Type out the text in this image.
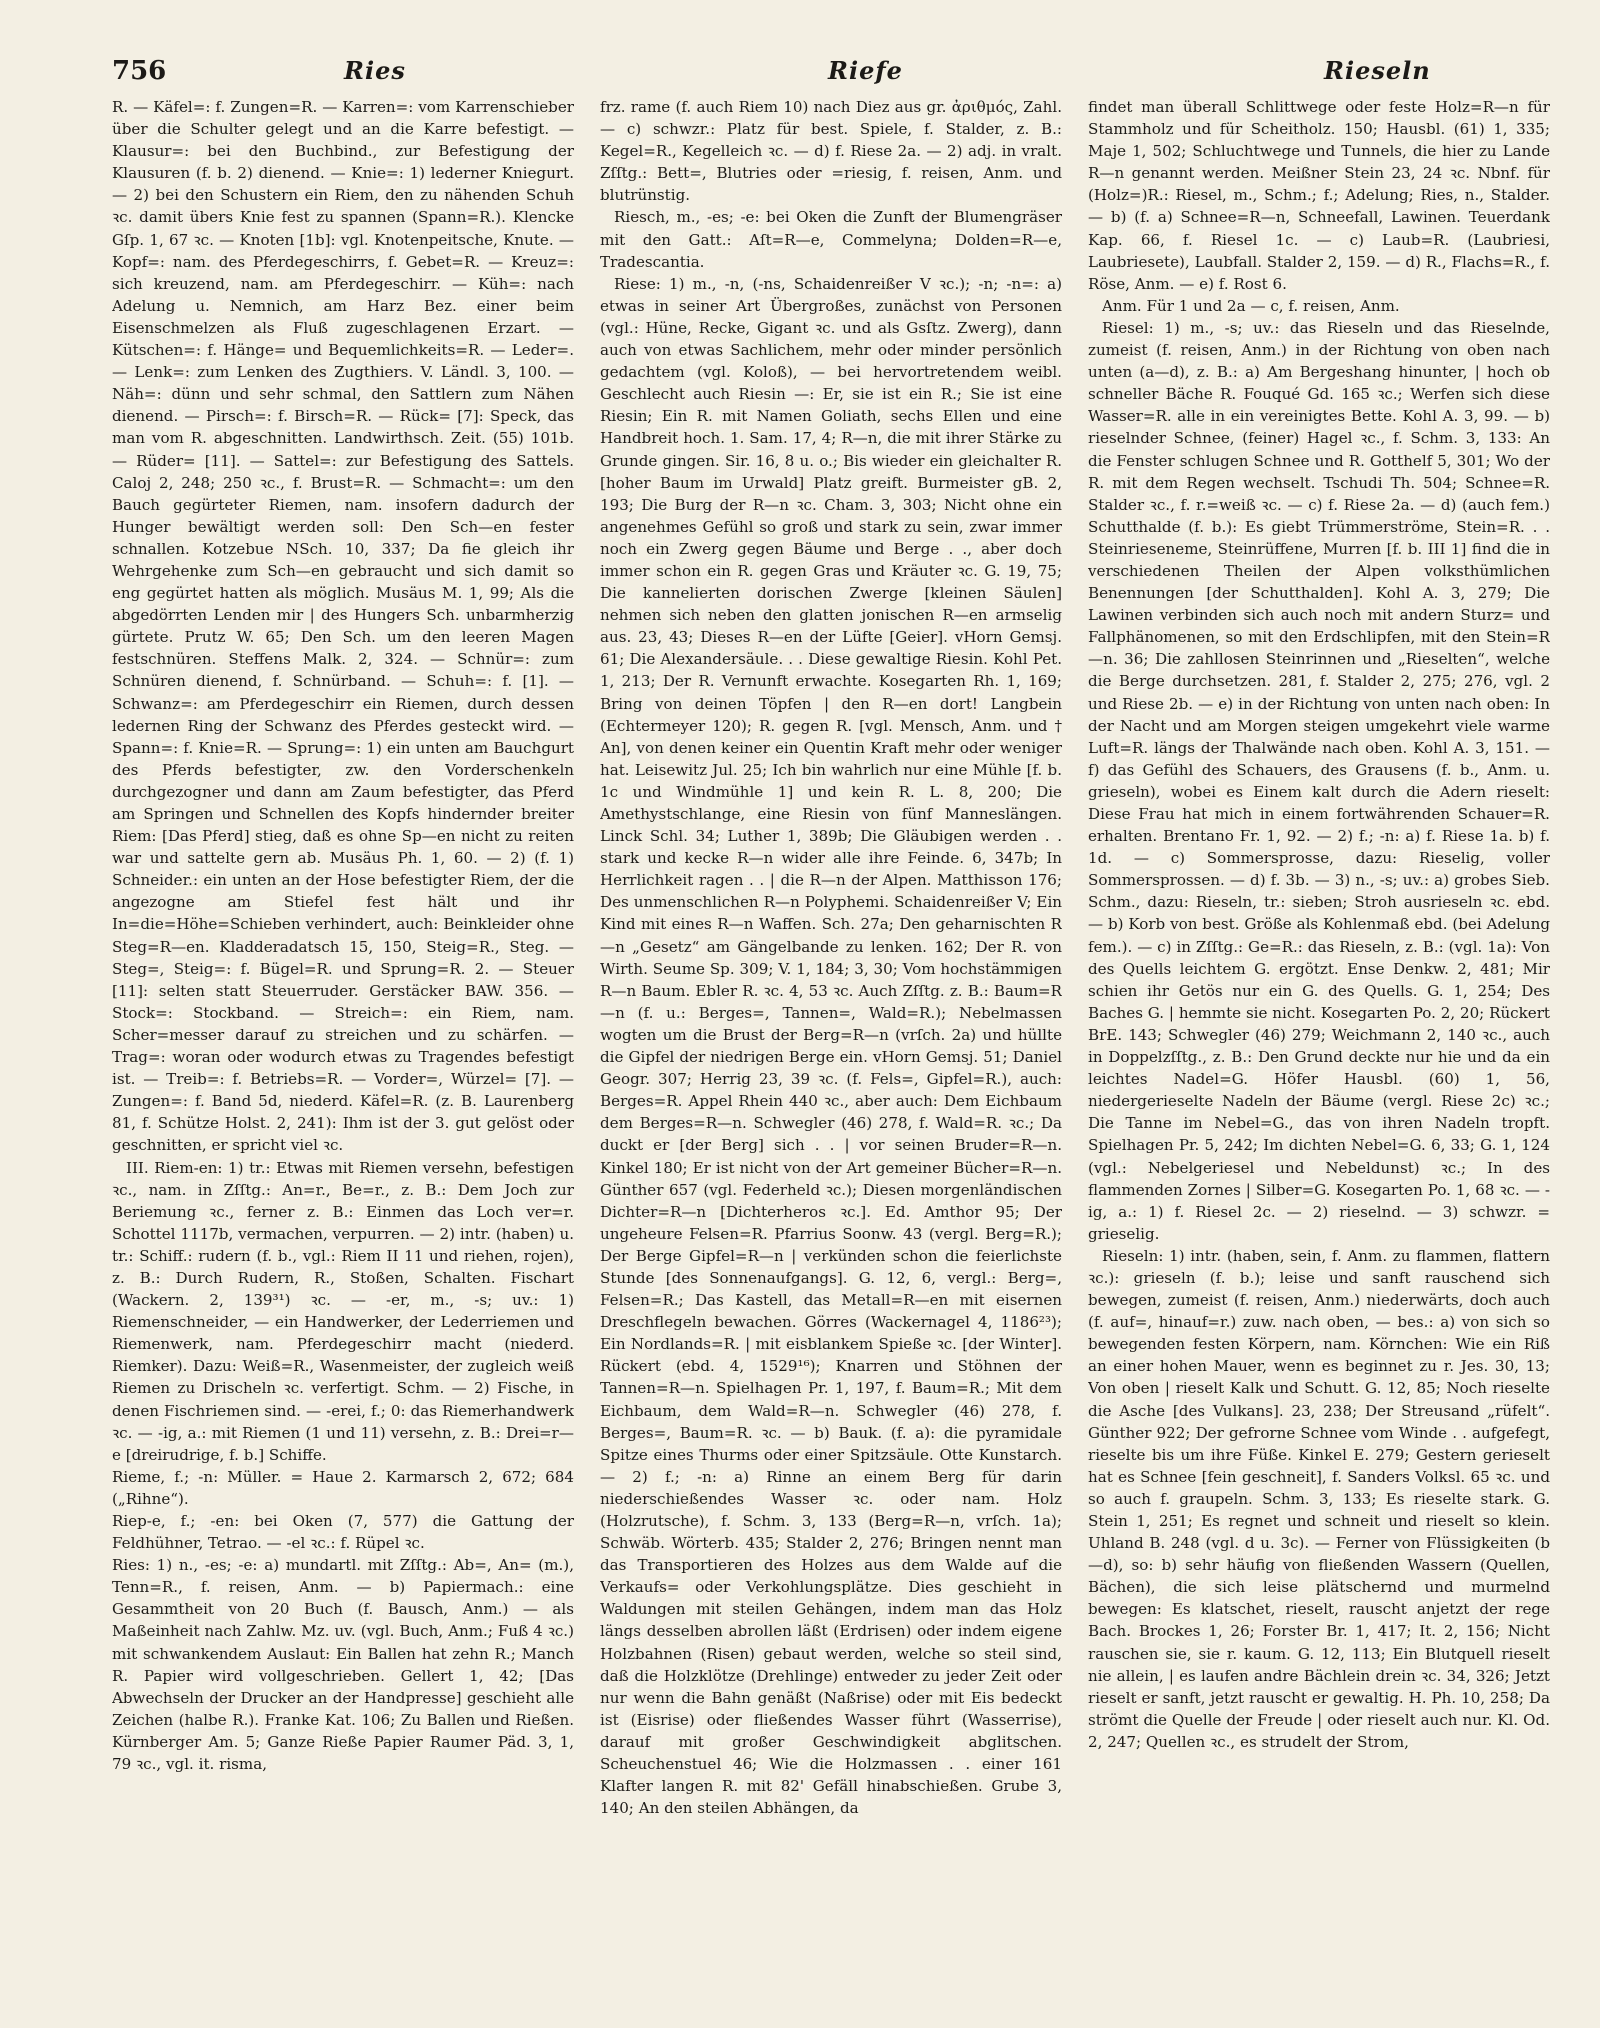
756	Ries	Riefe	Rieseln

R. — Käfel=: f. Zungen=R. — Karren=: vom Karrenschieber über die Schulter gelegt und an die Karre befestigt. — Klausur=: bei den Buchbind., zur Befestigung der Klausuren (f. b. 2) dienend. — Knie=: 1) lederner Kniegurt. — 2) bei den Schustern ein Riem, den zu nähenden Schuh ꝛc. damit übers Knie fest zu spannen (Spann=R.). Klencke Gſp. 1, 67 ꝛc. — Knoten [1b]: vgl. Knotenpeitsche, Knute. — Kopf=: nam. des Pferdegeschirrs, f. Gebet=R. — Kreuz=: sich kreuzend, nam. am Pferdegeschirr. — Küh=: nach Adelung u. Nemnich, am Harz Bez. einer beim Eisenschmelzen als Fluß zugeschlagenen Erzart. — Kütschen=: f. Hänge= und Bequemlichkeits=R. — Leder=. — Lenk=: zum Lenken des Zugthiers. V. Ländl. 3, 100. — Näh=: dünn und sehr schmal, den Sattlern zum Nähen dienend. — Pirsch=: f. Birsch=R. — Rück= [7]: Speck, das man vom R. abgeschnitten. Landwirthsch. Zeit. (55) 101b. — Rüder= [11]. — Sattel=: zur Befestigung des Sattels. Caloj 2, 248; 250 ꝛc., f. Brust=R. — Schmacht=: um den Bauch gegürteter Riemen, nam. insofern dadurch der Hunger bewältigt werden soll: Den Sch—en fester schnallen. Kotzebue NSch. 10, 337; Da fie gleich ihr Wehrgehenke zum Sch—en gebraucht und sich damit so eng gegürtet hatten als möglich. Musäus M. 1, 99; Als die abgedörrten Lenden mir | des Hungers Sch. unbarmherzig gürtete. Prutz W. 65; Den Sch. um den leeren Magen festschnüren. Steffens Malk. 2, 324. — Schnür=: zum Schnüren dienend, f. Schnürband. — Schuh=: f. [1]. — Schwanz=: am Pferdegeschirr ein Riemen, durch dessen ledernen Ring der Schwanz des Pferdes gesteckt wird. — Spann=: f. Knie=R. — Sprung=: 1) ein unten am Bauchgurt des Pferds befestigter, zw. den Vorderschenkeln durchgezogner und dann am Zaum befestigter, das Pferd am Springen und Schnellen des Kopfs hindernder breiter Riem: [Das Pferd] stieg, daß es ohne Sp—en nicht zu reiten war und sattelte gern ab. Musäus Ph. 1, 60. — 2) (f. 1) Schneider.: ein unten an der Hose befestigter Riem, der die angezogne am Stiefel fest hält und ihr In=die=Höhe=Schieben verhindert, auch: Beinkleider ohne Steg=R—en. Kladderadatsch 15, 150, Steig=R., Steg. — Steg=, Steig=: f. Bügel=R. und Sprung=R. 2. — Steuer [11]: selten statt Steuerruder. Gerstäcker BAW. 356. — Stock=: Stockband. — Streich=: ein Riem, nam. Scher=messer darauf zu streichen und zu schärfen. — Trag=: woran oder wodurch etwas zu Tragendes befestigt ist. — Treib=: f. Betriebs=R. — Vorder=, Würzel= [7]. — Zungen=: f. Band 5d, niederd. Käfel=R. (z. B. Laurenberg 81, f. Schütze Holst. 2, 241): Ihm ist der 3. gut gelöst oder geschnitten, er spricht viel ꝛc.

III. Riem-en: 1) tr.: Etwas mit Riemen versehn, befestigen ꝛc., nam. in Zſſtg.: An=r., Be=r., z. B.: Dem Joch zur Beriemung ꝛc., ferner z. B.: Einmen das Loch ver=r. Schottel 1117b, vermachen, verpurren. — 2) intr. (haben) u. tr.: Schiff.: rudern (f. b., vgl.: Riem II 11 und riehen, rojen), z. B.: Durch Rudern, R., Stoßen, Schalten. Fischart (Wackern. 2, 139³¹) ꝛc. — -er, m., -s; uv.: 1) Riemenschneider, — ein Handwerker, der Lederriemen und Riemenwerk, nam. Pferdegeschirr macht (niederd. Riemker). Dazu: Weiß=R., Wasenmeister, der zugleich weiß Riemen zu Drischeln ꝛc. verfertigt. Schm. — 2) Fische, in denen Fischriemen sind. — -erei, f.; 0: das Riemerhandwerk ꝛc. — -ig, a.: mit Riemen (1 und 11) versehn, z. B.: Drei=r—e [dreirudrige, f. b.] Schiffe.

Rieme, f.; -n: Müller. = Haue 2. Karmarsch 2, 672; 684 („Rihne“).

Riep-e, f.; -en: bei Oken (7, 577) die Gattung der Feldhühner, Tetrao. — -el ꝛc.: f. Rüpel ꝛc.

Ries: 1) n., -es; -e: a) mundartl. mit Zſſtg.: Ab=, An= (m.), Tenn=R., f. reisen, Anm. — b) Papiermach.: eine Gesammtheit von 20 Buch (f. Bausch, Anm.) — als Maßeinheit nach Zahlw. Mz. uv. (vgl. Buch, Anm.; Fuß 4 ꝛc.) mit schwankendem Auslaut: Ein Ballen hat zehn R.; Manch R. Papier wird vollgeschrieben. Gellert 1, 42; [Das Abwechseln der Drucker an der Handpresse] geschieht alle Zeichen (halbe R.). Franke Kat. 106; Zu Ballen und Rießen. Kürnberger Am. 5; Ganze Rieße Papier Raumer Päd. 3, 1, 79 ꝛc., vgl. it. risma,

frz. rame (f. auch Riem 10) nach Diez aus gr. ἀριθμός, Zahl. — c) schwzr.: Platz für best. Spiele, f. Stalder, z. B.: Kegel=R., Kegelleich ꝛc. — d) f. Riese 2a. — 2) adj. in vralt. Zſſtg.: Bett=, Blutries oder =riesig, f. reisen, Anm. und blutrünstig.

Riesch, m., -es; -e: bei Oken die Zunft der Blumengräser mit den Gatt.: Aſt=R—e, Commelyna; Dolden=R—e, Tradescantia.

Riese: 1) m., -n, (-ns, Schaidenreißer V ꝛc.); -n; -n=: a) etwas in seiner Art Übergroßes, zunächst von Personen (vgl.: Hüne, Recke, Gigant ꝛc. und als Gsſtz. Zwerg), dann auch von etwas Sachlichem, mehr oder minder persönlich gedachtem (vgl. Koloß), — bei hervortretendem weibl. Geschlecht auch Riesin —: Er, sie ist ein R.; Sie ist eine Riesin; Ein R. mit Namen Goliath, sechs Ellen und eine Handbreit hoch. 1. Sam. 17, 4; R—n, die mit ihrer Stärke zu Grunde gingen. Sir. 16, 8 u. o.; Bis wieder ein gleichalter R. [hoher Baum im Urwald] Platz greift. Burmeister gB. 2, 193; Die Burg der R—n ꝛc. Cham. 3, 303; Nicht ohne ein angenehmes Gefühl so groß und stark zu sein, zwar immer noch ein Zwerg gegen Bäume und Berge . ., aber doch immer schon ein R. gegen Gras und Kräuter ꝛc. G. 19, 75; Die kannelierten dorischen Zwerge [kleinen Säulen] nehmen sich neben den glatten jonischen R—en armselig aus. 23, 43; Dieses R—en der Lüfte [Geier]. vHorn Gemsj. 61; Die Alexandersäule. . . Diese gewaltige Riesin. Kohl Pet. 1, 213; Der R. Vernunft erwachte. Kosegarten Rh. 1, 169; Bring von deinen Töpfen | den R—en dort! Langbein (Echtermeyer 120); R. gegen R. [vgl. Mensch, Anm. und † An], von denen keiner ein Quentin Kraft mehr oder weniger hat. Leisewitz Jul. 25; Ich bin wahrlich nur eine Mühle [f. b. 1c und Windmühle 1] und kein R. L. 8, 200; Die Amethystschlange, eine Riesin von fünf Manneslängen. Linck Schl. 34; Luther 1, 389b; Die Gläubigen werden . . stark und kecke R—n wider alle ihre Feinde. 6, 347b; In Herrlichkeit ragen . . | die R—n der Alpen. Matthisson 176; Des unmenschlichen R—n Polyphemi. Schaidenreißer V; Ein Kind mit eines R—n Waffen. Sch. 27a; Den geharnischten R—n „Gesetz“ am Gängelbande zu lenken. 162; Der R. von Wirth. Seume Sp. 309; V. 1, 184; 3, 30; Vom hochstämmigen R—n Baum. Ebler R. ꝛc. 4, 53 ꝛc. Auch Zſſtg. z. B.: Baum=R—n (f. u.: Berges=, Tannen=, Wald=R.); Nebelmassen wogten um die Brust der Berg=R—n (vrſch. 2a) und hüllte die Gipfel der niedrigen Berge ein. vHorn Gemsj. 51; Daniel Geogr. 307; Herrig 23, 39 ꝛc. (f. Fels=, Gipfel=R.), auch: Berges=R. Appel Rhein 440 ꝛc., aber auch: Dem Eichbaum dem Berges=R—n. Schwegler (46) 278, f. Wald=R. ꝛc.; Da duckt er [der Berg] sich . . | vor seinen Bruder=R—n. Kinkel 180; Er ist nicht von der Art gemeiner Bücher=R—n. Günther 657 (vgl. Federheld ꝛc.); Diesen morgenländischen Dichter=R—n [Dichterheros ꝛc.]. Ed. Amthor 95; Der ungeheure Felsen=R. Pfarrius Soonw. 43 (vergl. Berg=R.); Der Berge Gipfel=R—n | verkünden schon die feierlichste Stunde [des Sonnenaufgangs]. G. 12, 6, vergl.: Berg=, Felsen=R.; Das Kastell, das Metall=R—en mit eisernen Dreschflegeln bewachen. Görres (Wackernagel 4, 1186²³); Ein Nordlands=R. | mit eisblankem Spieße ꝛc. [der Winter]. Rückert (ebd. 4, 1529¹⁶); Knarren und Stöhnen der Tannen=R—n. Spielhagen Pr. 1, 197, f. Baum=R.; Mit dem Eichbaum, dem Wald=R—n. Schwegler (46) 278, f. Berges=, Baum=R. ꝛc. — b) Bauk. (f. a): die pyramidale Spitze eines Thurms oder einer Spitzsäule. Otte Kunstarch. — 2) f.; -n: a) Rinne an einem Berg für darin niederschießendes Wasser ꝛc. oder nam. Holz (Holzrutsche), f. Schm. 3, 133 (Berg=R—n, vrſch. 1a); Schwäb. Wörterb. 435; Stalder 2, 276; Bringen nennt man das Transportieren des Holzes aus dem Walde auf die Verkaufs= oder Verkohlungsplätze. Dies geschieht in Waldungen mit steilen Gehängen, indem man das Holz längs desselben abrollen läßt (Erdrisen) oder indem eigene Holzbahnen (Risen) gebaut werden, welche so steil sind, daß die Holzklötze (Drehlinge) entweder zu jeder Zeit oder nur wenn die Bahn genäßt (Naßrise) oder mit Eis bedeckt ist (Eisrise) oder fließendes Wasser führt (Wasserrise), darauf mit großer Geschwindigkeit abglitschen. Scheuchenstuel 46; Wie die Holzmassen . . einer 161 Klafter langen R. mit 82' Gefäll hinabschießen. Grube 3, 140; An den steilen Abhängen, da

findet man überall Schlittwege oder feste Holz=R—n für Stammholz und für Scheitholz. 150; Hausbl. (61) 1, 335; Maje 1, 502; Schluchtwege und Tunnels, die hier zu Lande R—n genannt werden. Meißner Stein 23, 24 ꝛc. Nbnf. für (Holz=)R.: Riesel, m., Schm.; f.; Adelung; Ries, n., Stalder. — b) (f. a) Schnee=R—n, Schneefall, Lawinen. Teuerdank Kap. 66, f. Riesel 1c. — c) Laub=R. (Laubriesi, Laubriesete), Laubfall. Stalder 2, 159. — d) R., Flachs=R., f. Röse, Anm. — e) f. Rost 6.

Anm. Für 1 und 2a — c, f. reisen, Anm.

Riesel: 1) m., -s; uv.: das Rieseln und das Rieselnde, zumeist (f. reisen, Anm.) in der Richtung von oben nach unten (a—d), z. B.: a) Am Bergeshang hinunter, | hoch ob schneller Bäche R. Fouqué Gd. 165 ꝛc.; Werfen sich diese Wasser=R. alle in ein vereinigtes Bette. Kohl A. 3, 99. — b) rieselnder Schnee, (feiner) Hagel ꝛc., f. Schm. 3, 133: An die Fenster schlugen Schnee und R. Gotthelf 5, 301; Wo der R. mit dem Regen wechselt. Tschudi Th. 504; Schnee=R. Stalder ꝛc., f. r.=weiß ꝛc. — c) f. Riese 2a. — d) (auch fem.) Schutthalde (f. b.): Es giebt Trümmerströme, Stein=R. . . Steinrieseneme, Steinrüffene, Murren [f. b. III 1] find die in verschiedenen Theilen der Alpen volksthümlichen Benennungen [der Schutthalden]. Kohl A. 3, 279; Die Lawinen verbinden sich auch noch mit andern Sturz= und Fallphänomenen, so mit den Erdschlipfen, mit den Stein=R—n. 36; Die zahllosen Steinrinnen und „Rieselten“, welche die Berge durchsetzen. 281, f. Stalder 2, 275; 276, vgl. 2 und Riese 2b. — e) in der Richtung von unten nach oben: In der Nacht und am Morgen steigen umgekehrt viele warme Luft=R. längs der Thalwände nach oben. Kohl A. 3, 151. — f) das Gefühl des Schauers, des Grausens (f. b., Anm. u. grieseln), wobei es Einem kalt durch die Adern rieselt: Diese Frau hat mich in einem fortwährenden Schauer=R. erhalten. Brentano Fr. 1, 92. — 2) f.; -n: a) f. Riese 1a. b) f. 1d. — c) Sommersprosse, dazu: Rieselig, voller Sommersprossen. — d) f. 3b. — 3) n., -s; uv.: a) grobes Sieb. Schm., dazu: Rieseln, tr.: sieben; Stroh ausrieseln ꝛc. ebd. — b) Korb von best. Größe als Kohlenmaß ebd. (bei Adelung fem.). — c) in Zſſtg.: Ge=R.: das Rieseln, z. B.: (vgl. 1a): Von des Quells leichtem G. ergötzt. Ense Denkw. 2, 481; Mir schien ihr Getös nur ein G. des Quells. G. 1, 254; Des Baches G. | hemmte sie nicht. Kosegarten Po. 2, 20; Rückert BrE. 143; Schwegler (46) 279; Weichmann 2, 140 ꝛc., auch in Doppelzſſtg., z. B.: Den Grund deckte nur hie und da ein leichtes Nadel=G. Höfer Hausbl. (60) 1, 56, niedergerieselte Nadeln der Bäume (vergl. Riese 2c) ꝛc.; Die Tanne im Nebel=G., das von ihren Nadeln tropft. Spielhagen Pr. 5, 242; Im dichten Nebel=G. 6, 33; G. 1, 124 (vgl.: Nebelgeriesel und Nebeldunst) ꝛc.; In des flammenden Zornes | Silber=G. Kosegarten Po. 1, 68 ꝛc. — -ig, a.: 1) f. Riesel 2c. — 2) rieselnd. — 3) schwzr. = grieselig.

Rieseln: 1) intr. (haben, sein, f. Anm. zu flammen, flattern ꝛc.): grieseln (f. b.); leise und sanft rauschend sich bewegen, zumeist (f. reisen, Anm.) niederwärts, doch auch (f. auf=, hinauf=r.) zuw. nach oben, — bes.: a) von sich so bewegenden festen Körpern, nam. Körnchen: Wie ein Riß an einer hohen Mauer, wenn es beginnet zu r. Jes. 30, 13; Von oben | rieselt Kalk und Schutt. G. 12, 85; Noch rieselte die Asche [des Vulkans]. 23, 238; Der Streusand „rüfelt“. Günther 922; Der gefrorne Schnee vom Winde . . aufgefegt, rieselte bis um ihre Füße. Kinkel E. 279; Gestern gerieselt hat es Schnee [fein geschneit], f. Sanders Volksl. 65 ꝛc. und so auch f. graupeln. Schm. 3, 133; Es rieselte stark. G. Stein 1, 251; Es regnet und schneit und rieselt so klein. Uhland B. 248 (vgl. d u. 3c). — Ferner von Flüssigkeiten (b—d), so: b) sehr häufig von fließenden Wassern (Quellen, Bächen), die sich leise plätschernd und murmelnd bewegen: Es klatschet, rieselt, rauscht anjetzt der rege Bach. Brockes 1, 26; Forster Br. 1, 417; It. 2, 156; Nicht rauschen sie, sie r. kaum. G. 12, 113; Ein Blutquell rieselt nie allein, | es laufen andre Bächlein drein ꝛc. 34, 326; Jetzt rieselt er sanft, jetzt rauscht er gewaltig. H. Ph. 10, 258; Da strömt die Quelle der Freude | oder rieselt auch nur. Kl. Od. 2, 247; Quellen ꝛc., es strudelt der Strom,
